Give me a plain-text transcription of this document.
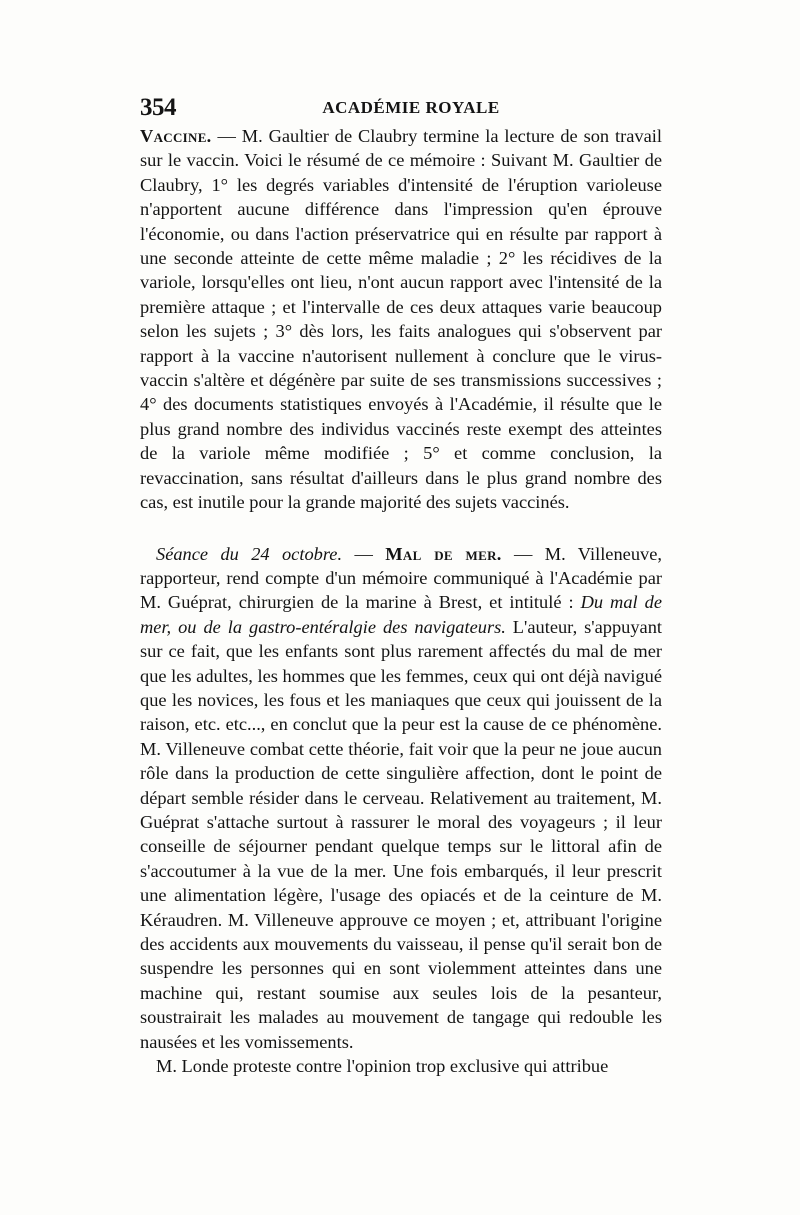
354	ACADÉMIE ROYALE

Vaccine. — M. Gaultier de Claubry termine la lecture de son travail sur le vaccin. Voici le résumé de ce mémoire : Suivant M. Gaultier de Claubry, 1° les degrés variables d'intensité de l'éruption varioleuse n'apportent aucune différence dans l'impression qu'en éprouve l'économie, ou dans l'action préservatrice qui en résulte par rapport à une seconde atteinte de cette même maladie ; 2° les récidives de la variole, lorsqu'elles ont lieu, n'ont aucun rapport avec l'intensité de la première attaque ; et l'intervalle de ces deux attaques varie beaucoup selon les sujets ; 3° dès lors, les faits analogues qui s'observent par rapport à la vaccine n'autorisent nullement à conclure que le virus-vaccin s'altère et dégénère par suite de ses transmissions successives ; 4° des documents statistiques envoyés à l'Académie, il résulte que le plus grand nombre des individus vaccinés reste exempt des atteintes de la variole même modifiée ; 5° et comme conclusion, la revaccination, sans résultat d'ailleurs dans le plus grand nombre des cas, est inutile pour la grande majorité des sujets vaccinés.

Séance du 24 octobre. — Mal de mer. — M. Villeneuve, rapporteur, rend compte d'un mémoire communiqué à l'Académie par M. Guéprat, chirurgien de la marine à Brest, et intitulé : Du mal de mer, ou de la gastro-entéralgie des navigateurs. L'auteur, s'appuyant sur ce fait, que les enfants sont plus rarement affectés du mal de mer que les adultes, les hommes que les femmes, ceux qui ont déjà navigué que les novices, les fous et les maniaques que ceux qui jouissent de la raison, etc. etc..., en conclut que la peur est la cause de ce phénomène. M. Villeneuve combat cette théorie, fait voir que la peur ne joue aucun rôle dans la production de cette singulière affection, dont le point de départ semble résider dans le cerveau. Relativement au traitement, M. Guéprat s'attache surtout à rassurer le moral des voyageurs ; il leur conseille de séjourner pendant quelque temps sur le littoral afin de s'accoutumer à la vue de la mer. Une fois embarqués, il leur prescrit une alimentation légère, l'usage des opiacés et de la ceinture de M. Kéraudren. M. Villeneuve approuve ce moyen ; et, attribuant l'origine des accidents aux mouvements du vaisseau, il pense qu'il serait bon de suspendre les personnes qui en sont violemment atteintes dans une machine qui, restant soumise aux seules lois de la pesanteur, soustrairait les malades au mouvement de tangage qui redouble les nausées et les vomissements.

M. Londe proteste contre l'opinion trop exclusive qui attribue
